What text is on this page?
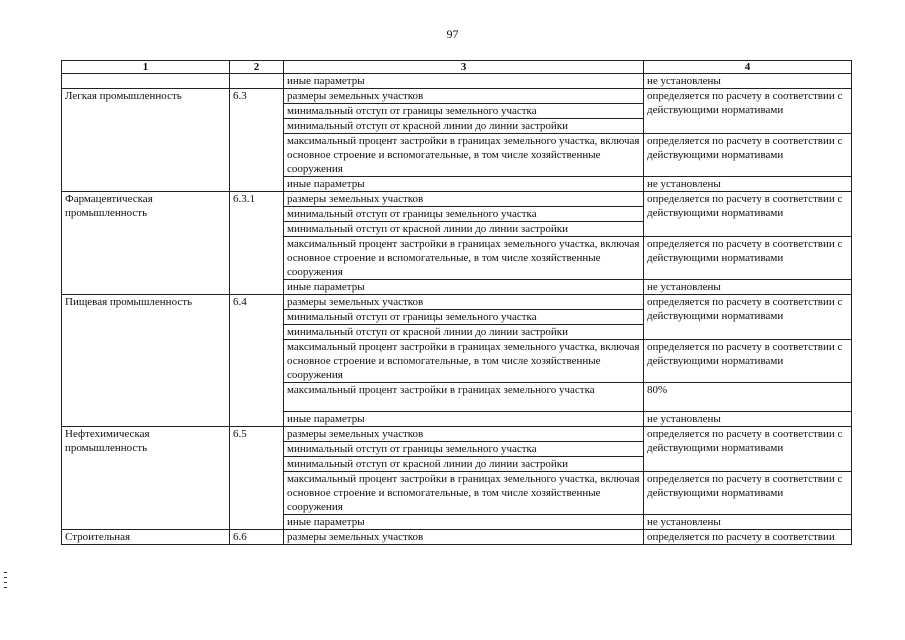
97
1	2	3	4
		иные параметры	не установлены
Легкая промышленность	6.3	размеры земельных участков	определяется по расчету в соответствии с действующими нормативами
		минимальный отступ от границы земельного участка	
		минимальный отступ от красной линии до линии застройки	
		максимальный процент застройки в границах земельного участка, включая основное строение и вспомогательные, в том числе хозяйственные сооружения	определяется по расчету в соответствии с действующими нормативами
		иные параметры	не установлены
Фармацевтическая промышленность	6.3.1	размеры земельных участков	определяется по расчету в соответствии с действующими нормативами
		минимальный отступ от границы земельного участка	
		минимальный отступ от красной линии до линии застройки	
		максимальный процент застройки в границах земельного участка, включая основное строение и вспомогательные, в том числе хозяйственные сооружения	определяется по расчету в соответствии с действующими нормативами
		иные параметры	не установлены
Пищевая промышленность	6.4	размеры земельных участков	определяется по расчету в соответствии с действующими нормативами
		минимальный отступ от границы земельного участка	
		минимальный отступ от красной линии до линии застройки	
		максимальный процент застройки в границах земельного участка, включая основное строение и вспомогательные, в том числе хозяйственные сооружения	определяется по расчету в соответствии с действующими нормативами
		максимальный процент застройки в границах земельного участка	80%
		иные параметры	не установлены
Нефтехимическая промышленность	6.5	размеры земельных участков	определяется по расчету в соответствии с действующими нормативами
		минимальный отступ от границы земельного участка	
		минимальный отступ от красной линии до линии застройки	
		максимальный процент застройки в границах земельного участка, включая основное строение и вспомогательные, в том числе хозяйственные сооружения	определяется по расчету в соответствии с действующими нормативами
		иные параметры	не установлены
Строительная	6.6	размеры земельных участков	определяется по расчету в соответствии
